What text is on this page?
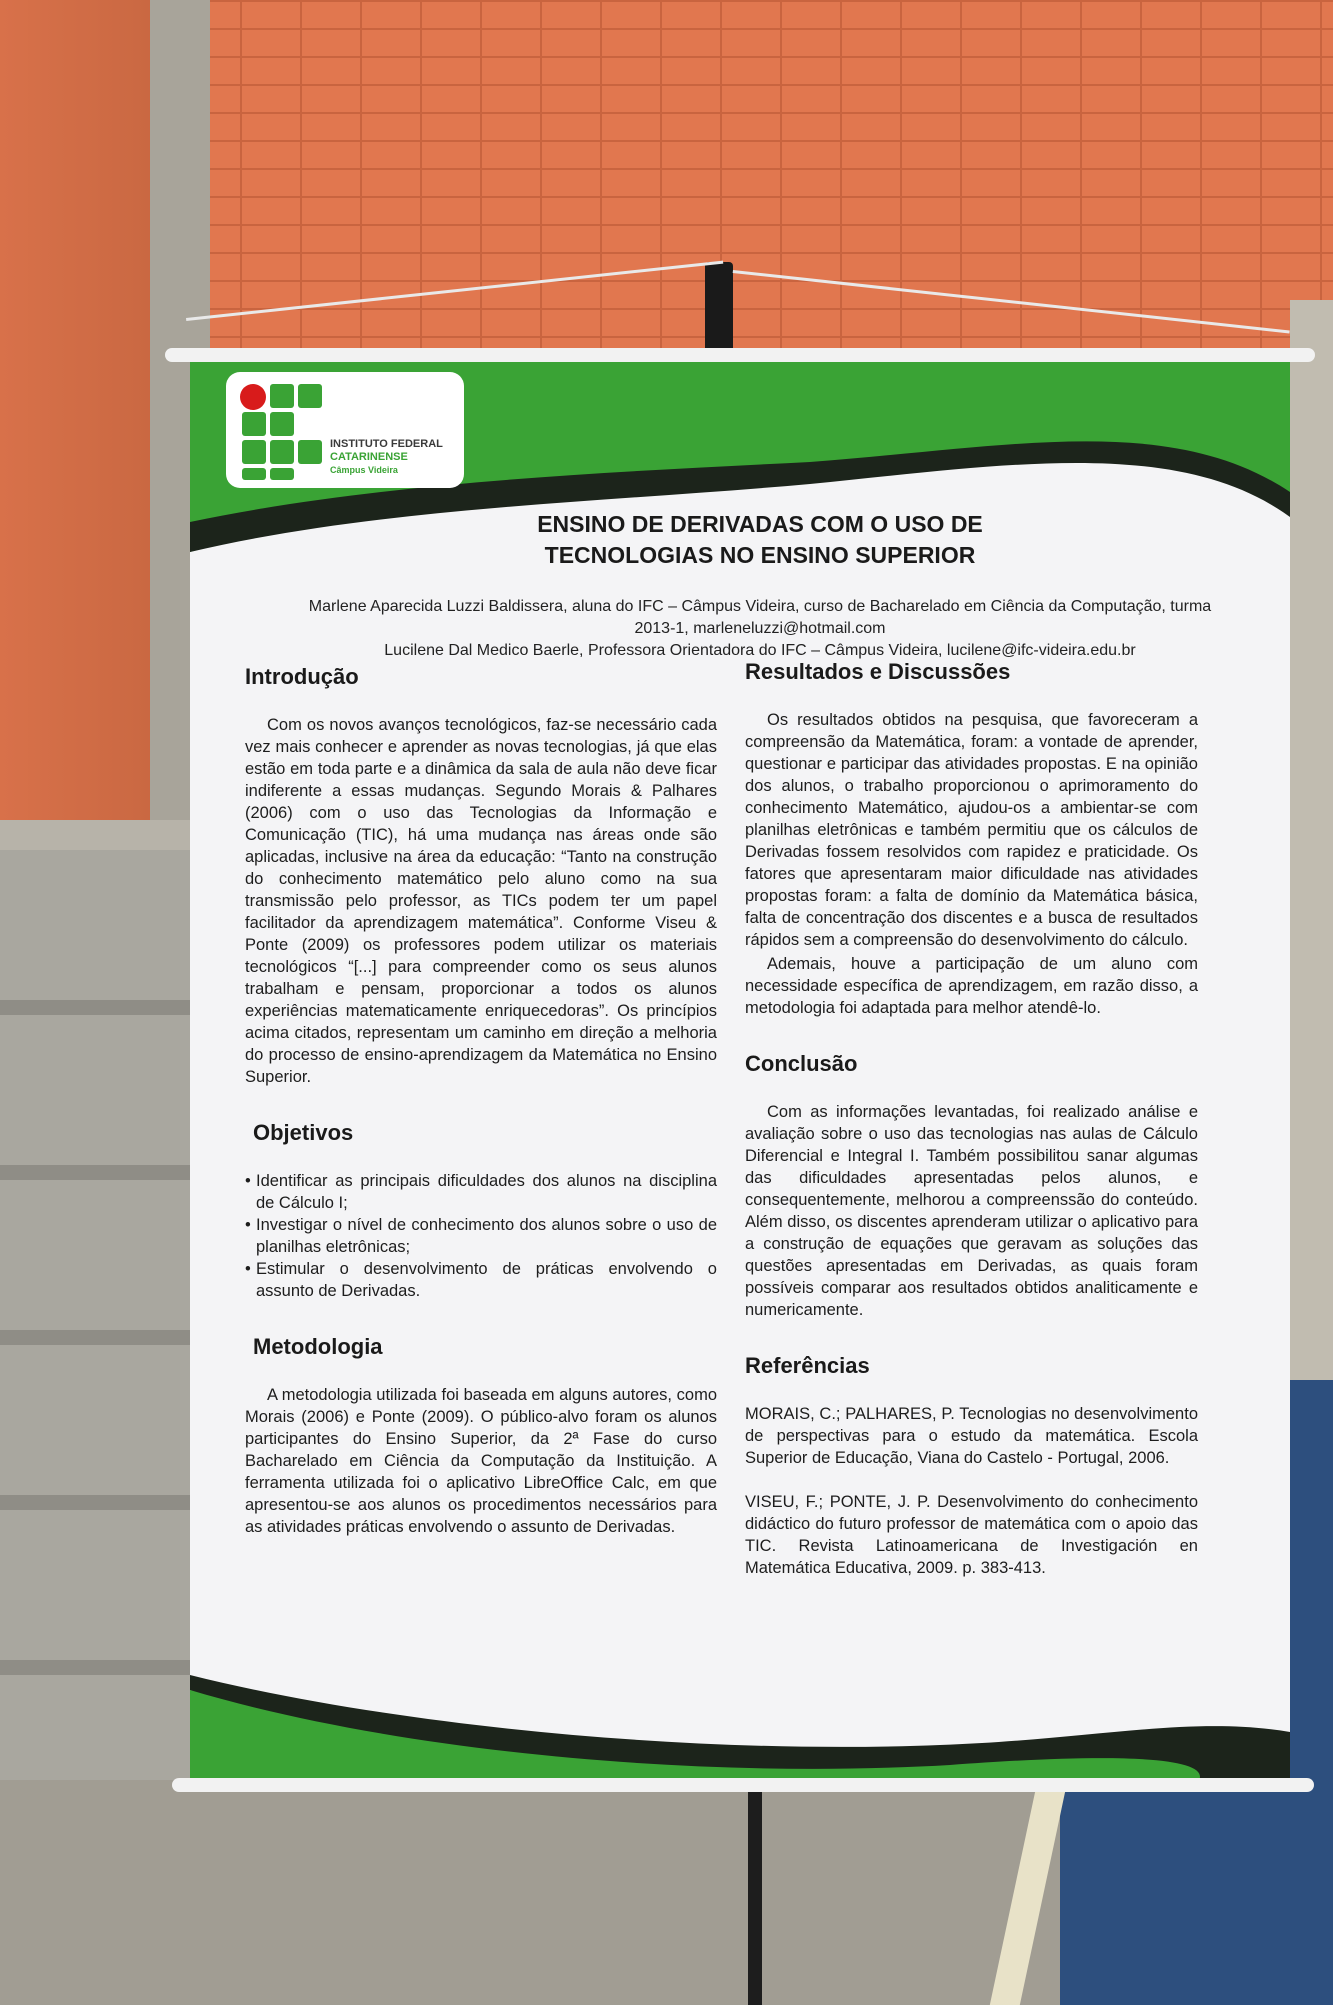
INSTITUTO FEDERAL
CATARINENSE
Câmpus Videira
ENSINO DE DERIVADAS COM O USO DE
TECNOLOGIAS NO ENSINO SUPERIOR
Marlene Aparecida Luzzi Baldissera, aluna do IFC – Câmpus Videira, curso de Bacharelado em Ciência da Computação, turma
2013-1, marleneluzzi@hotmail.com
Lucilene Dal Medico Baerle, Professora Orientadora do IFC – Câmpus Videira, lucilene@ifc-videira.edu.br
Introdução
Com os novos avanços tecnológicos, faz-se necessário cada vez mais conhecer e aprender as novas tecnologias, já que elas estão em toda parte e a dinâmica da sala de aula não deve ficar indiferente a essas mudanças. Segundo Morais & Palhares (2006) com o uso das Tecnologias da Informação e Comunicação (TIC), há uma mudança nas áreas onde são aplicadas, inclusive na área da educação: “Tanto na construção do conhecimento matemático pelo aluno como na sua transmissão pelo professor, as TICs podem ter um papel facilitador da aprendizagem matemática”. Conforme Viseu & Ponte (2009) os professores podem utilizar os materiais tecnológicos “[...] para compreender como os seus alunos trabalham e pensam, proporcionar a todos os alunos experiências matematicamente enriquecedoras”. Os princípios acima citados, representam um caminho em direção a melhoria do processo de ensino-aprendizagem da Matemática no Ensino Superior.
Objetivos
• Identificar as principais dificuldades dos alunos na disciplina de Cálculo I;
• Investigar o nível de conhecimento dos alunos sobre o uso de planilhas eletrônicas;
• Estimular o desenvolvimento de práticas envolvendo o assunto de Derivadas.
Metodologia
A metodologia utilizada foi baseada em alguns autores, como Morais (2006) e Ponte (2009). O público-alvo foram os alunos participantes do Ensino Superior, da 2ª Fase do curso Bacharelado em Ciência da Computação da Instituição. A ferramenta utilizada foi o aplicativo LibreOffice Calc, em que apresentou-se aos alunos os procedimentos necessários para as atividades práticas envolvendo o assunto de Derivadas.
Resultados e Discussões
Os resultados obtidos na pesquisa, que favoreceram a compreensão da Matemática, foram: a vontade de aprender, questionar e participar das atividades propostas. E na opinião dos alunos, o trabalho proporcionou o aprimoramento do conhecimento Matemático, ajudou-os a ambientar-se com planilhas eletrônicas e também permitiu que os cálculos de Derivadas fossem resolvidos com rapidez e praticidade. Os fatores que apresentaram maior dificuldade nas atividades propostas foram: a falta de domínio da Matemática básica, falta de concentração dos discentes e a busca de resultados rápidos sem a compreensão do desenvolvimento do cálculo.
Ademais, houve a participação de um aluno com necessidade específica de aprendizagem, em razão disso, a metodologia foi adaptada para melhor atendê-lo.
Conclusão
Com as informações levantadas, foi realizado análise e avaliação sobre o uso das tecnologias nas aulas de Cálculo Diferencial e Integral I. Também possibilitou sanar algumas das dificuldades apresentadas pelos alunos, e consequentemente, melhorou a compreenssão do conteúdo. Além disso, os discentes aprenderam utilizar o aplicativo para a construção de equações que geravam as soluções das questões apresentadas em Derivadas, as quais foram possíveis comparar aos resultados obtidos analiticamente e numericamente.
Referências
MORAIS, C.; PALHARES, P. Tecnologias no desenvolvimento de perspectivas para o estudo da matemática. Escola Superior de Educação, Viana do Castelo - Portugal, 2006.
VISEU, F.; PONTE, J. P. Desenvolvimento do conhecimento didáctico do futuro professor de matemática com o apoio das TIC. Revista Latinoamericana de Investigación en Matemática Educativa, 2009. p. 383-413.
